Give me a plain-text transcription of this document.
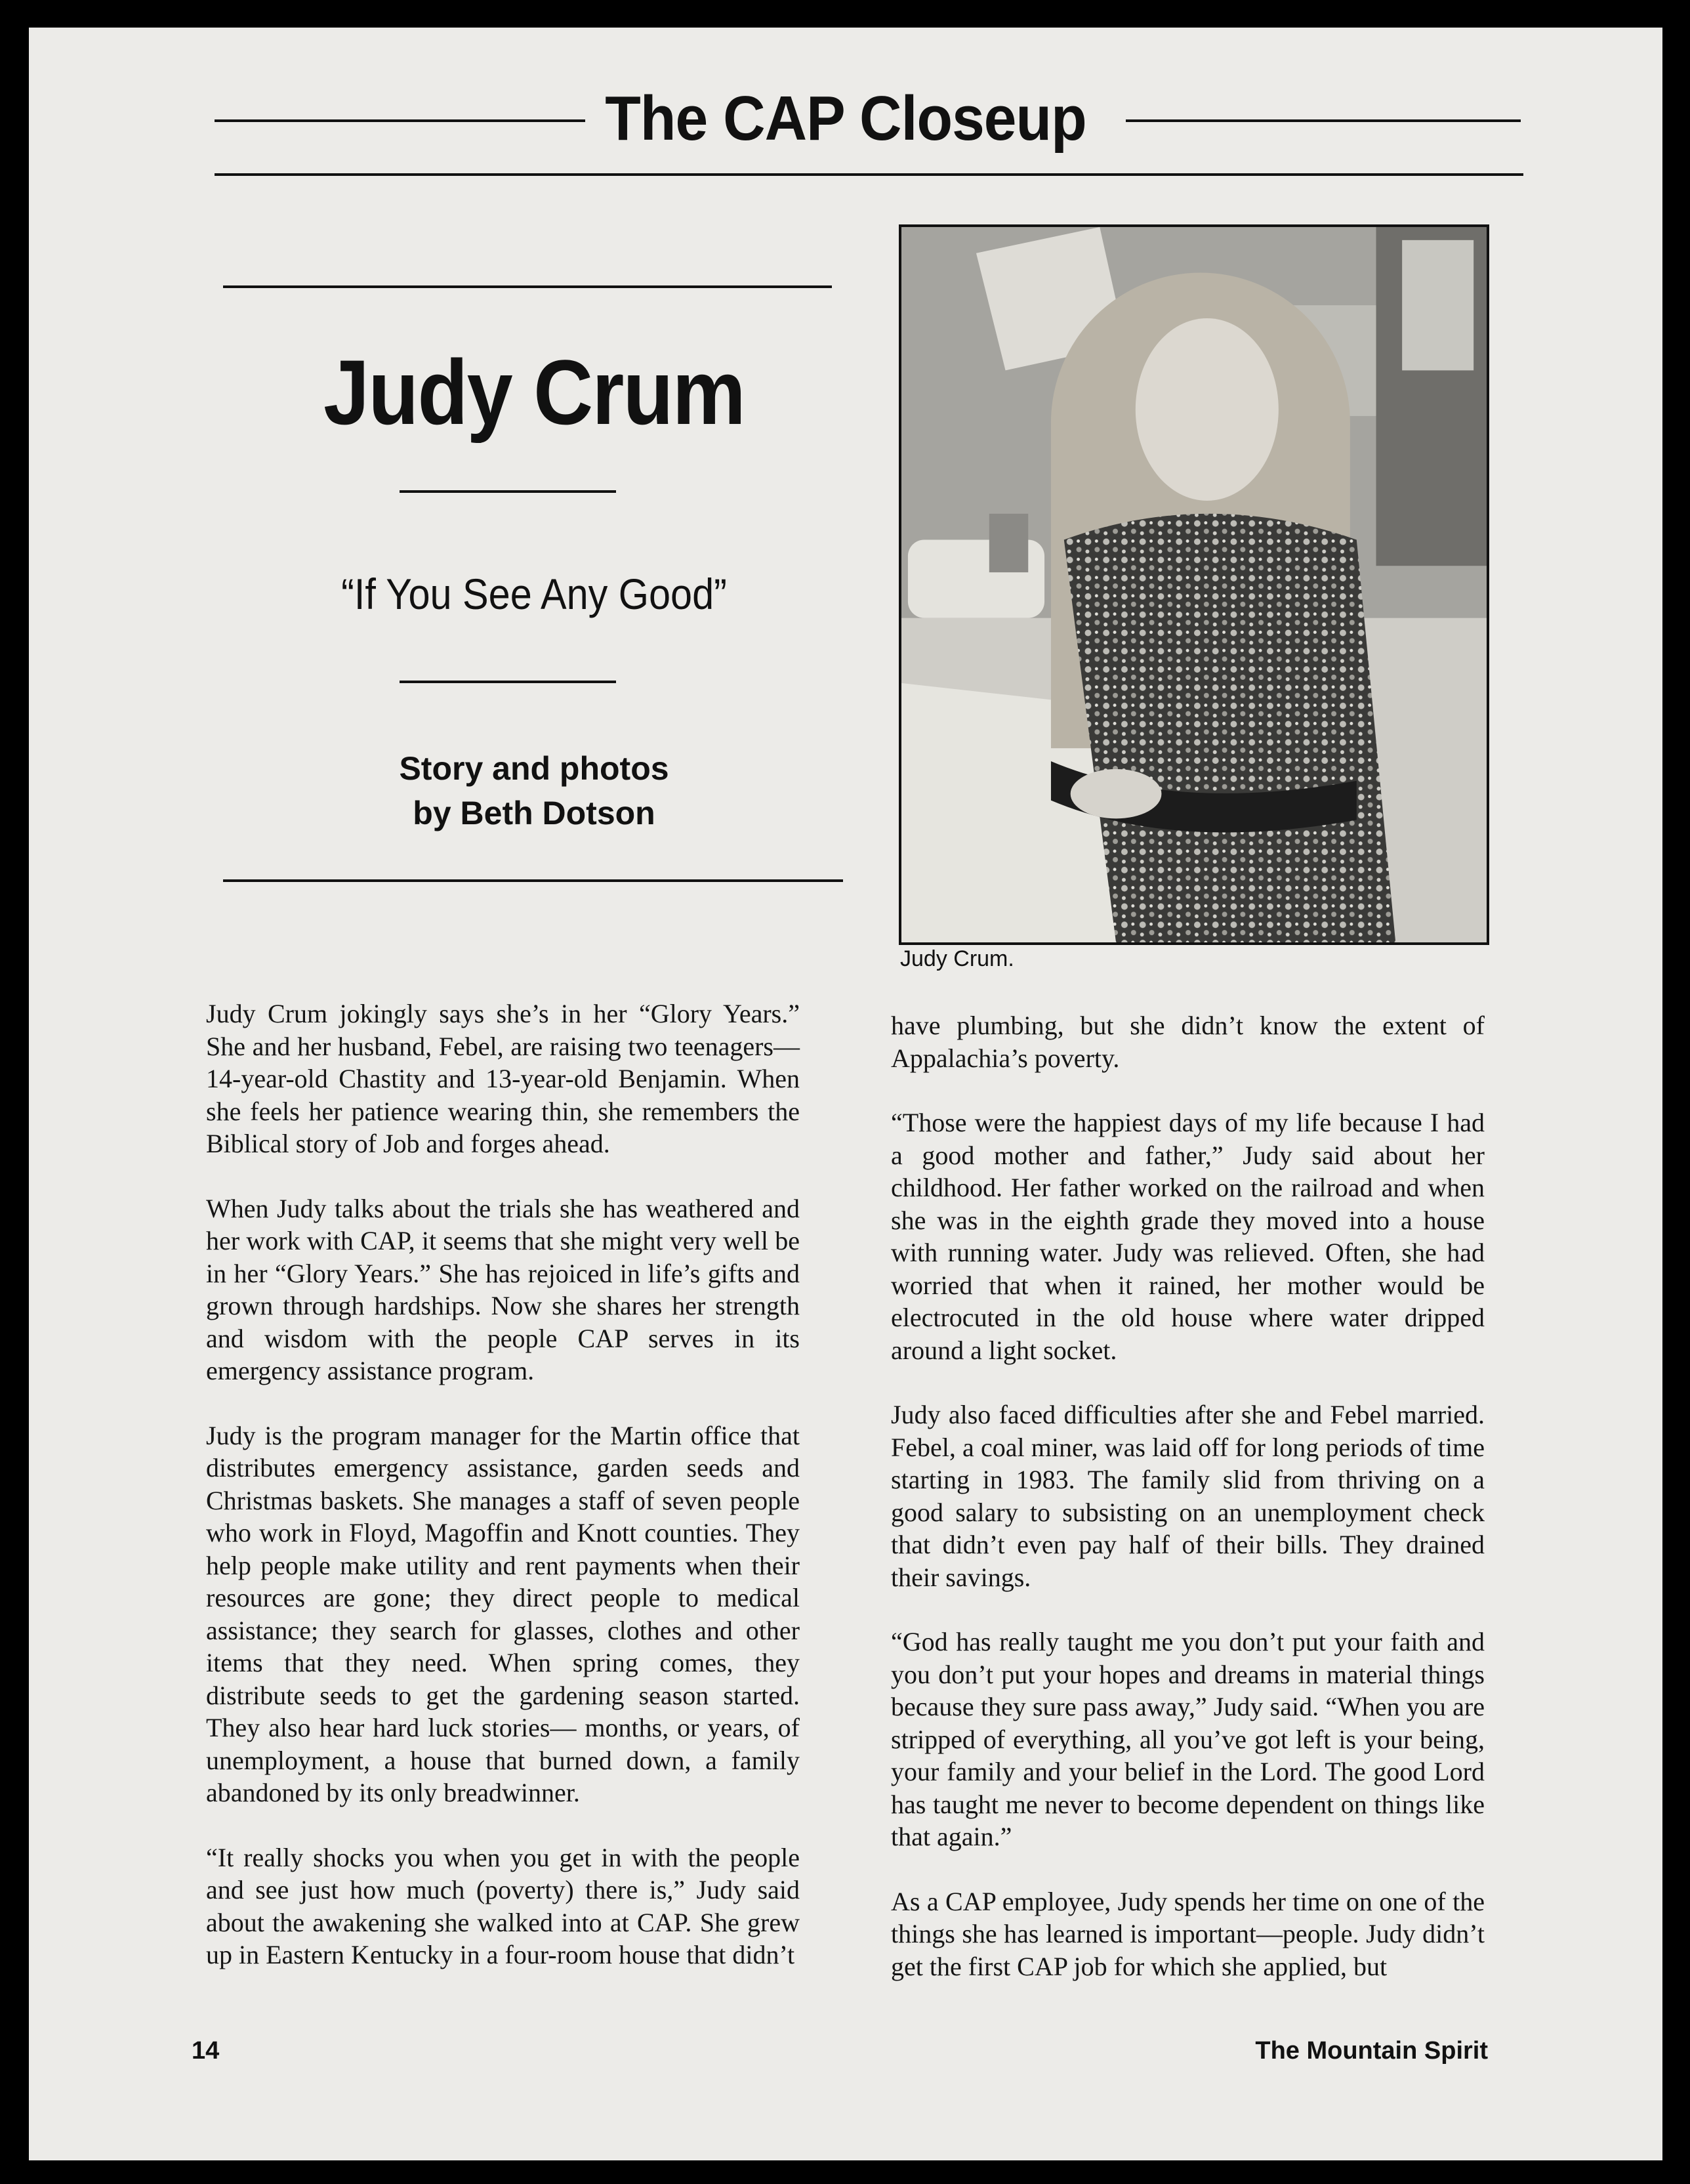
The CAP Closeup
Judy Crum
“If You See Any Good”
Story and photos
by Beth Dotson
Judy Crum.

Judy Crum jokingly says she’s in her “Glory Years.” She and her husband, Febel, are raising two teenagers—14-year-old Chastity and 13-year-old Benjamin. When she feels her patience wearing thin, she remembers the Biblical story of Job and forges ahead.

When Judy talks about the trials she has weathered and her work with CAP, it seems that she might very well be in her “Glory Years.” She has rejoiced in life’s gifts and grown through hardships. Now she shares her strength and wisdom with the people CAP serves in its emergency assistance program.

Judy is the program manager for the Martin office that distributes emergency assistance, garden seeds and Christmas baskets. She manages a staff of seven people who work in Floyd, Magoffin and Knott counties. They help people make utility and rent payments when their resources are gone; they direct people to medical assistance; they search for glasses, clothes and other items that they need. When spring comes, they distribute seeds to get the gardening season started. They also hear hard luck stories— months, or years, of unemployment, a house that burned down, a family abandoned by its only breadwinner.

“It really shocks you when you get in with the people and see just how much (poverty) there is,” Judy said about the awakening she walked into at CAP. She grew up in Eastern Kentucky in a four-room house that didn’t

have plumbing, but she didn’t know the extent of Appalachia’s poverty.

“Those were the happiest days of my life because I had a good mother and father,” Judy said about her childhood. Her father worked on the railroad and when she was in the eighth grade they moved into a house with running water. Judy was relieved. Often, she had worried that when it rained, her mother would be electrocuted in the old house where water dripped around a light socket.

Judy also faced difficulties after she and Febel married. Febel, a coal miner, was laid off for long periods of time starting in 1983. The family slid from thriving on a good salary to subsisting on an unemployment check that didn’t even pay half of their bills. They drained their savings.

“God has really taught me you don’t put your faith and you don’t put your hopes and dreams in material things because they sure pass away,” Judy said. “When you are stripped of everything, all you’ve got left is your being, your family and your belief in the Lord. The good Lord has taught me never to become dependent on things like that again.”

As a CAP employee, Judy spends her time on one of the things she has learned is important—people. Judy didn’t get the first CAP job for which she applied, but

14	The Mountain Spirit
